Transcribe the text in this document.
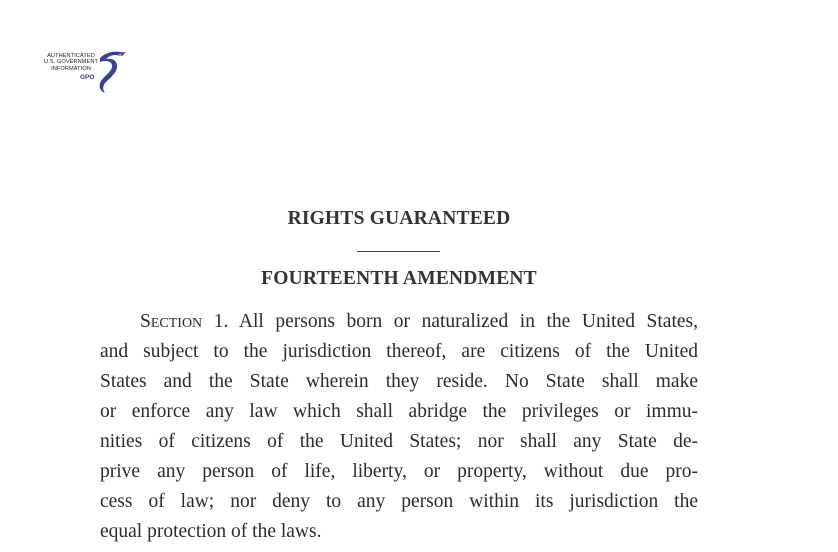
AUTHENTICATED
U.S. GOVERNMENT
INFORMATION
GPO
RIGHTS GUARANTEED
FOURTEENTH AMENDMENT
Section 1. All persons born or naturalized in the United States,
and subject to the jurisdiction thereof, are citizens of the United
States and the State wherein they reside. No State shall make
or enforce any law which shall abridge the privileges or immu-
nities of citizens of the United States; nor shall any State de-
prive any person of life, liberty, or property, without due pro-
cess of law; nor deny to any person within its jurisdiction the
equal protection of the laws.
